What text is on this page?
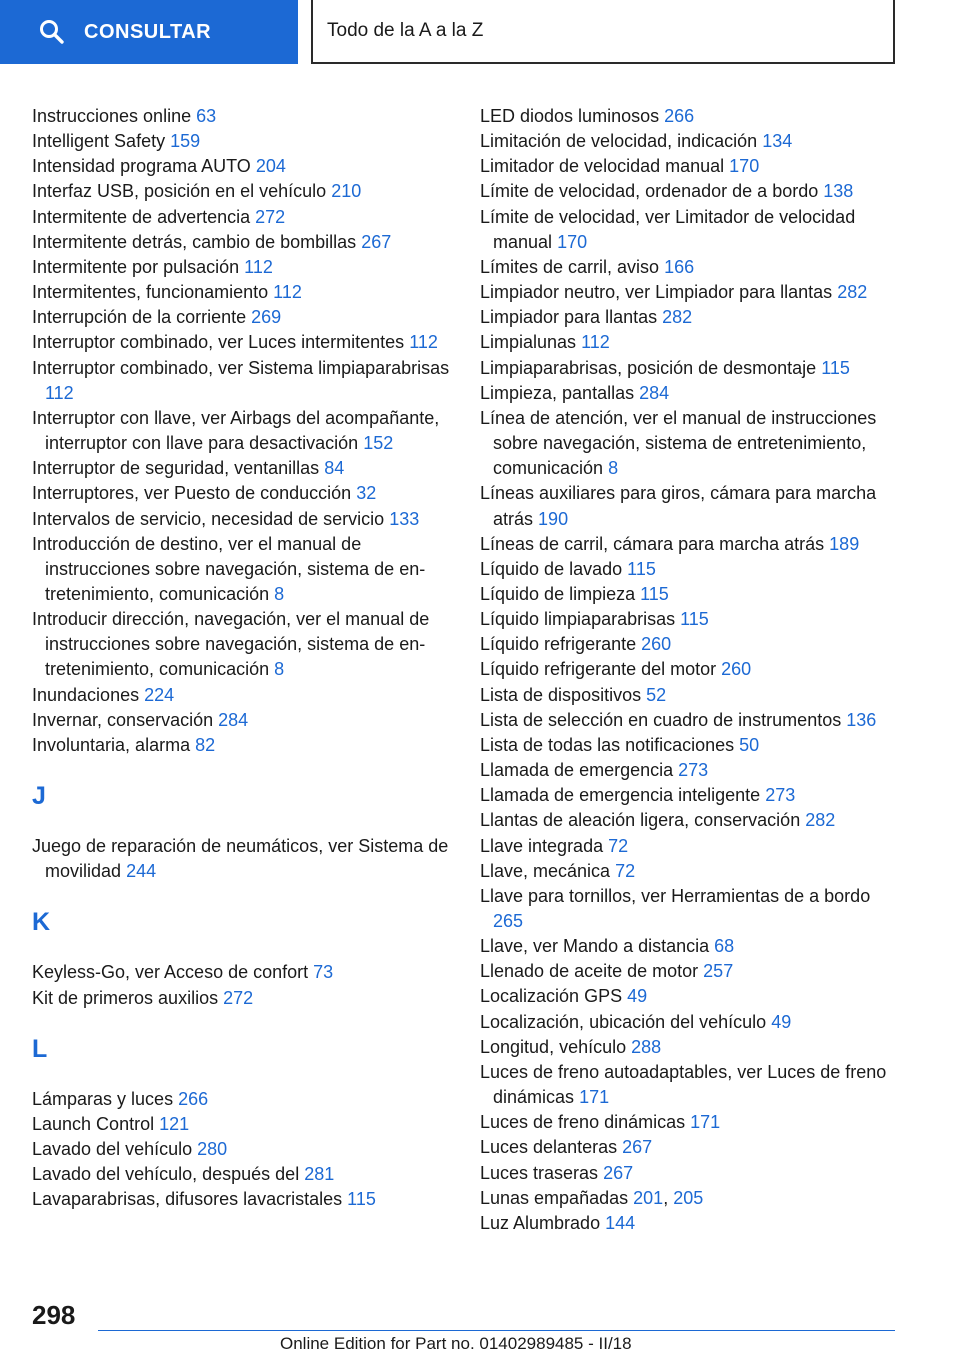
CONSULTAR	Todo de la A a la Z
Instrucciones online 63
Intelligent Safety 159
Intensidad programa AUTO 204
Interfaz USB, posición en el vehículo 210
Intermitente de advertencia 272
Intermitente detrás, cambio de bombillas 267
Intermitente por pulsación 112
Intermitentes, funcionamiento 112
Interrupción de la corriente 269
Interruptor combinado, ver Luces intermitentes 112
Interruptor combinado, ver Sistema limpiaparabrisas 112
Interruptor con llave, ver Airbags del acompañante, interruptor con llave para desactivación 152
Interruptor de seguridad, ventanillas 84
Interruptores, ver Puesto de conducción 32
Intervalos de servicio, necesidad de servicio 133
Introducción de destino, ver el manual de instrucciones sobre navegación, sistema de entretenimiento, comunicación 8
Introducir dirección, navegación, ver el manual de instrucciones sobre navegación, sistema de entretenimiento, comunicación 8
Inundaciones 224
Invernar, conservación 284
Involuntaria, alarma 82
J
Juego de reparación de neumáticos, ver Sistema de movilidad 244
K
Keyless-Go, ver Acceso de confort 73
Kit de primeros auxilios 272
L
Lámparas y luces 266
Launch Control 121
Lavado del vehículo 280
Lavado del vehículo, después del 281
Lavaparabrisas, difusores lavacristales 115
LED diodos luminosos 266
Limitación de velocidad, indicación 134
Limitador de velocidad manual 170
Límite de velocidad, ordenador de a bordo 138
Límite de velocidad, ver Limitador de velocidad manual 170
Límites de carril, aviso 166
Limpiador neutro, ver Limpiador para llantas 282
Limpiador para llantas 282
Limpialunas 112
Limpiaparabrisas, posición de desmontaje 115
Limpieza, pantallas 284
Línea de atención, ver el manual de instrucciones sobre navegación, sistema de entretenimiento, comunicación 8
Líneas auxiliares para giros, cámara para marcha atrás 190
Líneas de carril, cámara para marcha atrás 189
Líquido de lavado 115
Líquido de limpieza 115
Líquido limpiaparabrisas 115
Líquido refrigerante 260
Líquido refrigerante del motor 260
Lista de dispositivos 52
Lista de selección en cuadro de instrumentos 136
Lista de todas las notificaciones 50
Llamada de emergencia 273
Llamada de emergencia inteligente 273
Llantas de aleación ligera, conservación 282
Llave integrada 72
Llave, mecánica 72
Llave para tornillos, ver Herramientas de a bordo 265
Llave, ver Mando a distancia 68
Llenado de aceite de motor 257
Localización GPS 49
Localización, ubicación del vehículo 49
Longitud, vehículo 288
Luces de freno autoadaptables, ver Luces de freno dinámicas 171
Luces de freno dinámicas 171
Luces delanteras 267
Luces traseras 267
Lunas empañadas 201, 205
Luz Alumbrado 144
298
Online Edition for Part no. 01402989485 - II/18
